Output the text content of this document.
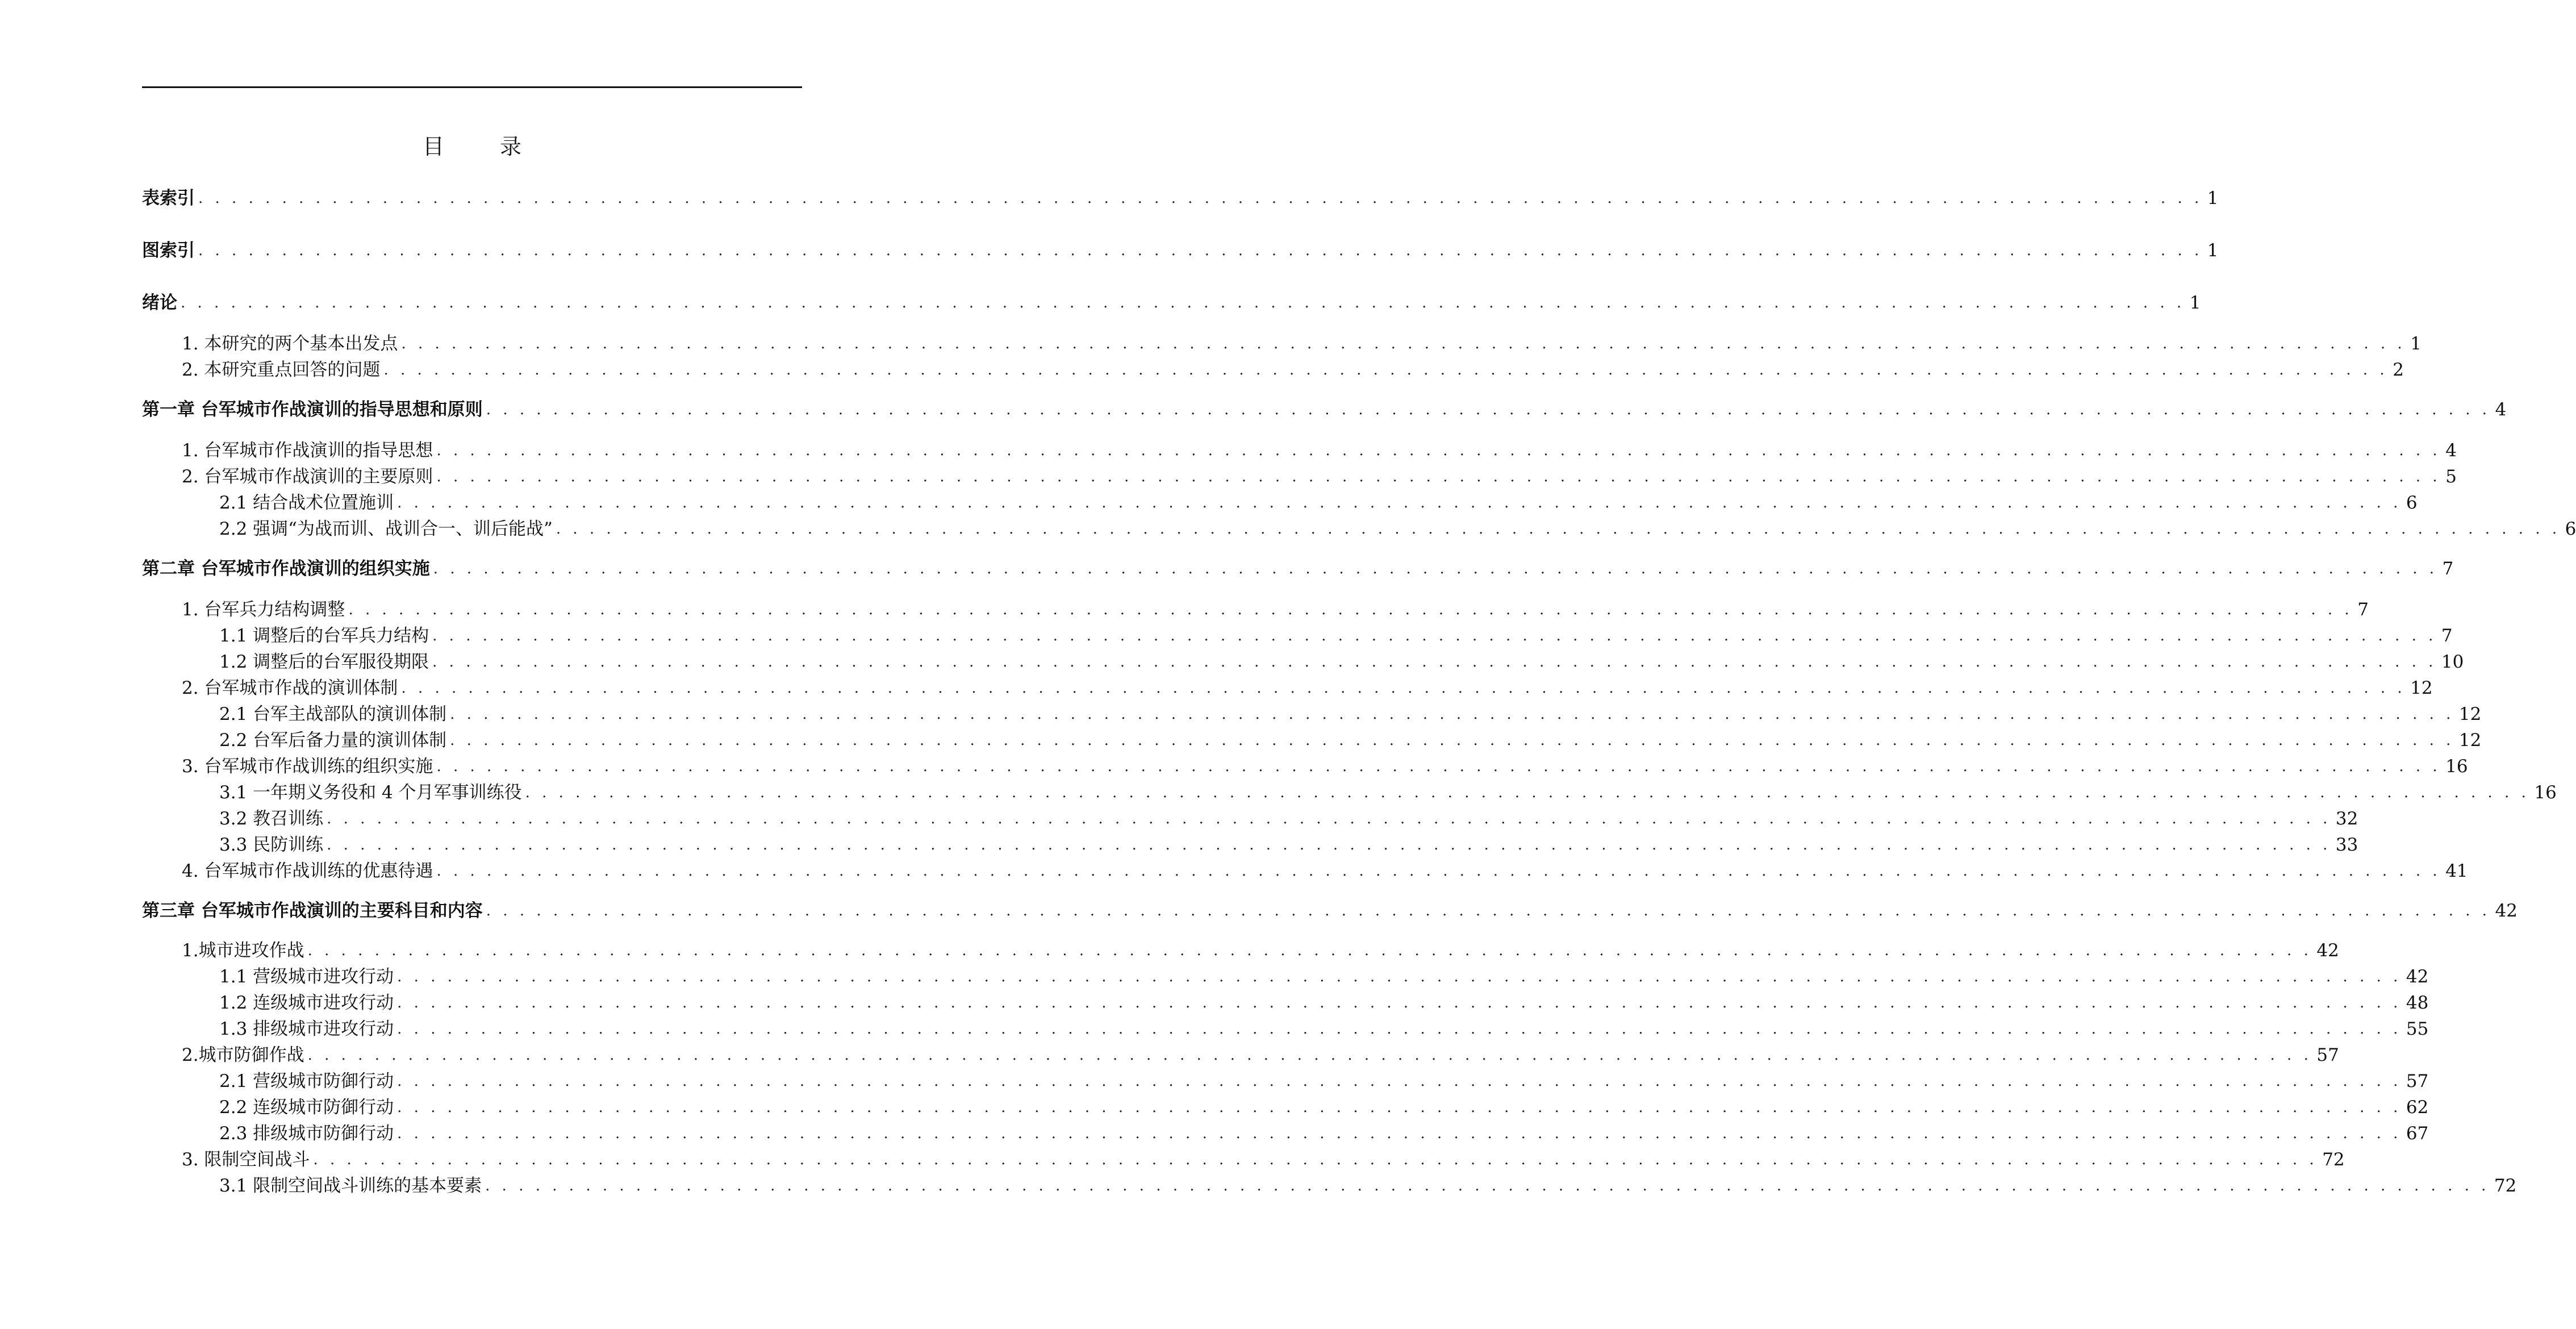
目　录
表索引 . . . . . . . . . . . . . . . . . . . . . . . . . . . . . . . . . . . . . . . . . . . . . . . . . . . . . . . . . . . . . . . . . . . . . . . . . . . . . . . . . . . . . . . . . . . . . . . . . . . . . . . . . . . . . . . . . . . . . . . . 1
图索引 . . . . . . . . . . . . . . . . . . . . . . . . . . . . . . . . . . . . . . . . . . . . . . . . . . . . . . . . . . . . . . . . . . . . . . . . . . . . . . . . . . . . . . . . . . . . . . . . . . . . . . . . . . . . . . . . . . . . . . . . 1
绪论 . . . . . . . . . . . . . . . . . . . . . . . . . . . . . . . . . . . . . . . . . . . . . . . . . . . . . . . . . . . . . . . . . . . . . . . . . . . . . . . . . . . . . . . . . . . . . . . . . . . . . . . . . . . . . . . . . . . . . . . . 1
1. 本研究的两个基本出发点 . . . . . . . . . . . . . . . . . . . . . . . . . . . . . . . . . . . . . . . . . . . . . . . . . . . . . . . . . . . . . . . . . . . . . . . . . . . . . . . . . . . . . . . . . . . . . . . . . . . . . . . . . . . . . . . . . . . . . . . . 1
2. 本研究重点回答的问题 . . . . . . . . . . . . . . . . . . . . . . . . . . . . . . . . . . . . . . . . . . . . . . . . . . . . . . . . . . . . . . . . . . . . . . . . . . . . . . . . . . . . . . . . . . . . . . . . . . . . . . . . . . . . . . . . . . . . . . . . 2
第一章 台军城市作战演训的指导思想和原则 . . . . . . . . . . . . . . . . . . . . . . . . . . . . . . . . . . . . . . . . . . . . . . . . . . . . . . . . . . . . . . . . . . . . . . . . . . . . . . . . . . . . . . . . . . . . . . . . . . . . . . . . . . . . . . . . . . . . . . . . 4
1. 台军城市作战演训的指导思想 . . . . . . . . . . . . . . . . . . . . . . . . . . . . . . . . . . . . . . . . . . . . . . . . . . . . . . . . . . . . . . . . . . . . . . . . . . . . . . . . . . . . . . . . . . . . . . . . . . . . . . . . . . . . . . . . . . . . . . . . 4
2. 台军城市作战演训的主要原则 . . . . . . . . . . . . . . . . . . . . . . . . . . . . . . . . . . . . . . . . . . . . . . . . . . . . . . . . . . . . . . . . . . . . . . . . . . . . . . . . . . . . . . . . . . . . . . . . . . . . . . . . . . . . . . . . . . . . . . . . 5
2.1 结合战术位置施训 . . . . . . . . . . . . . . . . . . . . . . . . . . . . . . . . . . . . . . . . . . . . . . . . . . . . . . . . . . . . . . . . . . . . . . . . . . . . . . . . . . . . . . . . . . . . . . . . . . . . . . . . . . . . . . . . . . . . . . . . 6
2.2 强调“为战而训、战训合一、训后能战” . . . . . . . . . . . . . . . . . . . . . . . . . . . . . . . . . . . . . . . . . . . . . . . . . . . . . . . . . . . . . . . . . . . . . . . . . . . . . . . . . . . . . . . . . . . . . . . . . . . . . . . . . . . . . . . . . . . . . . . . 6
第二章 台军城市作战演训的组织实施 . . . . . . . . . . . . . . . . . . . . . . . . . . . . . . . . . . . . . . . . . . . . . . . . . . . . . . . . . . . . . . . . . . . . . . . . . . . . . . . . . . . . . . . . . . . . . . . . . . . . . . . . . . . . . . . . . . . . . . . . 7
1. 台军兵力结构调整 . . . . . . . . . . . . . . . . . . . . . . . . . . . . . . . . . . . . . . . . . . . . . . . . . . . . . . . . . . . . . . . . . . . . . . . . . . . . . . . . . . . . . . . . . . . . . . . . . . . . . . . . . . . . . . . . . . . . . . . . 7
1.1 调整后的台军兵力结构 . . . . . . . . . . . . . . . . . . . . . . . . . . . . . . . . . . . . . . . . . . . . . . . . . . . . . . . . . . . . . . . . . . . . . . . . . . . . . . . . . . . . . . . . . . . . . . . . . . . . . . . . . . . . . . . . . . . . . . . . 7
1.2 调整后的台军服役期限 . . . . . . . . . . . . . . . . . . . . . . . . . . . . . . . . . . . . . . . . . . . . . . . . . . . . . . . . . . . . . . . . . . . . . . . . . . . . . . . . . . . . . . . . . . . . . . . . . . . . . . . . . . . . . . . . . . . . . . . . 10
2. 台军城市作战的演训体制 . . . . . . . . . . . . . . . . . . . . . . . . . . . . . . . . . . . . . . . . . . . . . . . . . . . . . . . . . . . . . . . . . . . . . . . . . . . . . . . . . . . . . . . . . . . . . . . . . . . . . . . . . . . . . . . . . . . . . . . . 12
2.1 台军主战部队的演训体制 . . . . . . . . . . . . . . . . . . . . . . . . . . . . . . . . . . . . . . . . . . . . . . . . . . . . . . . . . . . . . . . . . . . . . . . . . . . . . . . . . . . . . . . . . . . . . . . . . . . . . . . . . . . . . . . . . . . . . . . . 12
2.2 台军后备力量的演训体制 . . . . . . . . . . . . . . . . . . . . . . . . . . . . . . . . . . . . . . . . . . . . . . . . . . . . . . . . . . . . . . . . . . . . . . . . . . . . . . . . . . . . . . . . . . . . . . . . . . . . . . . . . . . . . . . . . . . . . . . . 12
3. 台军城市作战训练的组织实施 . . . . . . . . . . . . . . . . . . . . . . . . . . . . . . . . . . . . . . . . . . . . . . . . . . . . . . . . . . . . . . . . . . . . . . . . . . . . . . . . . . . . . . . . . . . . . . . . . . . . . . . . . . . . . . . . . . . . . . . . 16
3.1 一年期义务役和 4 个月军事训练役 . . . . . . . . . . . . . . . . . . . . . . . . . . . . . . . . . . . . . . . . . . . . . . . . . . . . . . . . . . . . . . . . . . . . . . . . . . . . . . . . . . . . . . . . . . . . . . . . . . . . . . . . . . . . . . . . . . . . . . . . 16
3.2 教召训练 . . . . . . . . . . . . . . . . . . . . . . . . . . . . . . . . . . . . . . . . . . . . . . . . . . . . . . . . . . . . . . . . . . . . . . . . . . . . . . . . . . . . . . . . . . . . . . . . . . . . . . . . . . . . . . . . . . . . . . . . 32
3.3 民防训练 . . . . . . . . . . . . . . . . . . . . . . . . . . . . . . . . . . . . . . . . . . . . . . . . . . . . . . . . . . . . . . . . . . . . . . . . . . . . . . . . . . . . . . . . . . . . . . . . . . . . . . . . . . . . . . . . . . . . . . . . 33
4. 台军城市作战训练的优惠待遇 . . . . . . . . . . . . . . . . . . . . . . . . . . . . . . . . . . . . . . . . . . . . . . . . . . . . . . . . . . . . . . . . . . . . . . . . . . . . . . . . . . . . . . . . . . . . . . . . . . . . . . . . . . . . . . . . . . . . . . . . 41
第三章 台军城市作战演训的主要科目和内容 . . . . . . . . . . . . . . . . . . . . . . . . . . . . . . . . . . . . . . . . . . . . . . . . . . . . . . . . . . . . . . . . . . . . . . . . . . . . . . . . . . . . . . . . . . . . . . . . . . . . . . . . . . . . . . . . . . . . . . . . 42
1.城市进攻作战 . . . . . . . . . . . . . . . . . . . . . . . . . . . . . . . . . . . . . . . . . . . . . . . . . . . . . . . . . . . . . . . . . . . . . . . . . . . . . . . . . . . . . . . . . . . . . . . . . . . . . . . . . . . . . . . . . . . . . . . . 42
1.1 营级城市进攻行动 . . . . . . . . . . . . . . . . . . . . . . . . . . . . . . . . . . . . . . . . . . . . . . . . . . . . . . . . . . . . . . . . . . . . . . . . . . . . . . . . . . . . . . . . . . . . . . . . . . . . . . . . . . . . . . . . . . . . . . . . 42
1.2 连级城市进攻行动 . . . . . . . . . . . . . . . . . . . . . . . . . . . . . . . . . . . . . . . . . . . . . . . . . . . . . . . . . . . . . . . . . . . . . . . . . . . . . . . . . . . . . . . . . . . . . . . . . . . . . . . . . . . . . . . . . . . . . . . . 48
1.3 排级城市进攻行动 . . . . . . . . . . . . . . . . . . . . . . . . . . . . . . . . . . . . . . . . . . . . . . . . . . . . . . . . . . . . . . . . . . . . . . . . . . . . . . . . . . . . . . . . . . . . . . . . . . . . . . . . . . . . . . . . . . . . . . . . 55
2.城市防御作战 . . . . . . . . . . . . . . . . . . . . . . . . . . . . . . . . . . . . . . . . . . . . . . . . . . . . . . . . . . . . . . . . . . . . . . . . . . . . . . . . . . . . . . . . . . . . . . . . . . . . . . . . . . . . . . . . . . . . . . . . 57
2.1 营级城市防御行动 . . . . . . . . . . . . . . . . . . . . . . . . . . . . . . . . . . . . . . . . . . . . . . . . . . . . . . . . . . . . . . . . . . . . . . . . . . . . . . . . . . . . . . . . . . . . . . . . . . . . . . . . . . . . . . . . . . . . . . . . 57
2.2 连级城市防御行动 . . . . . . . . . . . . . . . . . . . . . . . . . . . . . . . . . . . . . . . . . . . . . . . . . . . . . . . . . . . . . . . . . . . . . . . . . . . . . . . . . . . . . . . . . . . . . . . . . . . . . . . . . . . . . . . . . . . . . . . . 62
2.3 排级城市防御行动 . . . . . . . . . . . . . . . . . . . . . . . . . . . . . . . . . . . . . . . . . . . . . . . . . . . . . . . . . . . . . . . . . . . . . . . . . . . . . . . . . . . . . . . . . . . . . . . . . . . . . . . . . . . . . . . . . . . . . . . . 67
3. 限制空间战斗 . . . . . . . . . . . . . . . . . . . . . . . . . . . . . . . . . . . . . . . . . . . . . . . . . . . . . . . . . . . . . . . . . . . . . . . . . . . . . . . . . . . . . . . . . . . . . . . . . . . . . . . . . . . . . . . . . . . . . . . . 72
3.1 限制空间战斗训练的基本要素 . . . . . . . . . . . . . . . . . . . . . . . . . . . . . . . . . . . . . . . . . . . . . . . . . . . . . . . . . . . . . . . . . . . . . . . . . . . . . . . . . . . . . . . . . . . . . . . . . . . . . . . . . . . . . . . . . . . . . . . . 72
